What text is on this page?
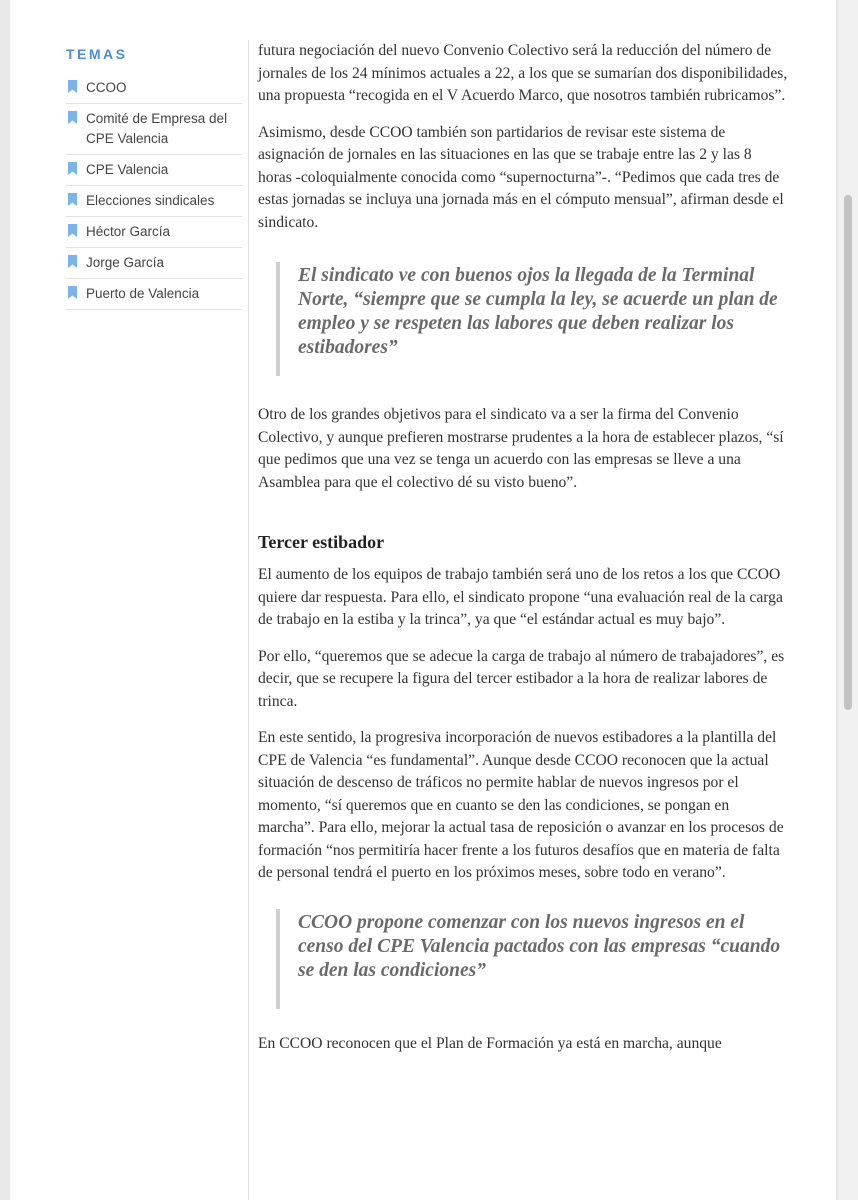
TEMAS
CCOO
Comité de Empresa del CPE Valencia
CPE Valencia
Elecciones sindicales
Héctor García
Jorge García
Puerto de Valencia

futura negociación del nuevo Convenio Colectivo será la reducción del número de jornales de los 24 mínimos actuales a 22, a los que se sumarían dos disponibilidades, una propuesta “recogida en el V Acuerdo Marco, que nosotros también rubricamos”.

Asimismo, desde CCOO también son partidarios de revisar este sistema de asignación de jornales en las situaciones en las que se trabaje entre las 2 y las 8 horas -coloquialmente conocida como “supernocturna”-. “Pedimos que cada tres de estas jornadas se incluya una jornada más en el cómputo mensual”, afirman desde el sindicato.

El sindicato ve con buenos ojos la llegada de la Terminal Norte, “siempre que se cumpla la ley, se acuerde un plan de empleo y se respeten las labores que deben realizar los estibadores”

Otro de los grandes objetivos para el sindicato va a ser la firma del Convenio Colectivo, y aunque prefieren mostrarse prudentes a la hora de establecer plazos, “sí que pedimos que una vez se tenga un acuerdo con las empresas se lleve a una Asamblea para que el colectivo dé su visto bueno”.

Tercer estibador

El aumento de los equipos de trabajo también será uno de los retos a los que CCOO quiere dar respuesta. Para ello, el sindicato propone “una evaluación real de la carga de trabajo en la estiba y la trinca”, ya que “el estándar actual es muy bajo”.

Por ello, “queremos que se adecue la carga de trabajo al número de trabajadores”, es decir, que se recupere la figura del tercer estibador a la hora de realizar labores de trinca.

En este sentido, la progresiva incorporación de nuevos estibadores a la plantilla del CPE de Valencia “es fundamental”. Aunque desde CCOO reconocen que la actual situación de descenso de tráficos no permite hablar de nuevos ingresos por el momento, “sí queremos que en cuanto se den las condiciones, se pongan en marcha”. Para ello, mejorar la actual tasa de reposición o avanzar en los procesos de formación “nos permitiría hacer frente a los futuros desafíos que en materia de falta de personal tendrá el puerto en los próximos meses, sobre todo en verano”.

CCOO propone comenzar con los nuevos ingresos en el censo del CPE Valencia pactados con las empresas “cuando se den las condiciones”

En CCOO reconocen que el Plan de Formación ya está en marcha, aunque
